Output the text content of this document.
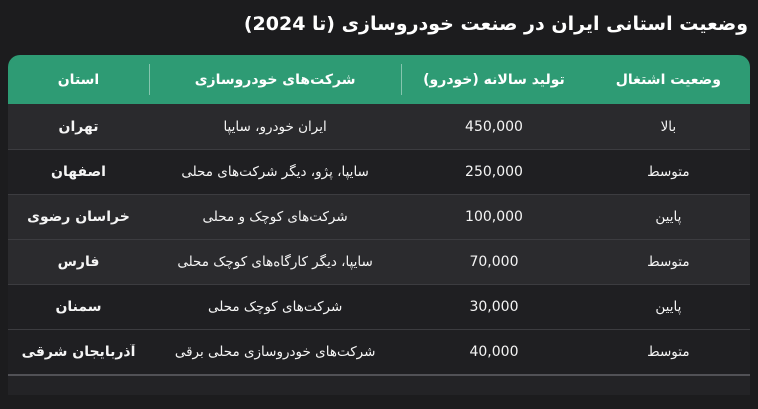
وضعیت استانی ایران در صنعت خودروسازی (تا 2024)
استان	شرکت‌های خودروسازی	تولید سالانه (خودرو)	وضعیت اشتغال
تهران	ایران خودرو، سایپا	450,000	بالا
اصفهان	سایپا، پژو، دیگر شرکت‌های محلی	250,000	متوسط
خراسان رضوی	شرکت‌های کوچک و محلی	100,000	پایین
فارس	سایپا، دیگر کارگاه‌های کوچک محلی	70,000	متوسط
سمنان	شرکت‌های کوچک محلی	30,000	پایین
آذربایجان شرقی	شرکت‌های خودروسازی محلی برقی	40,000	متوسط
